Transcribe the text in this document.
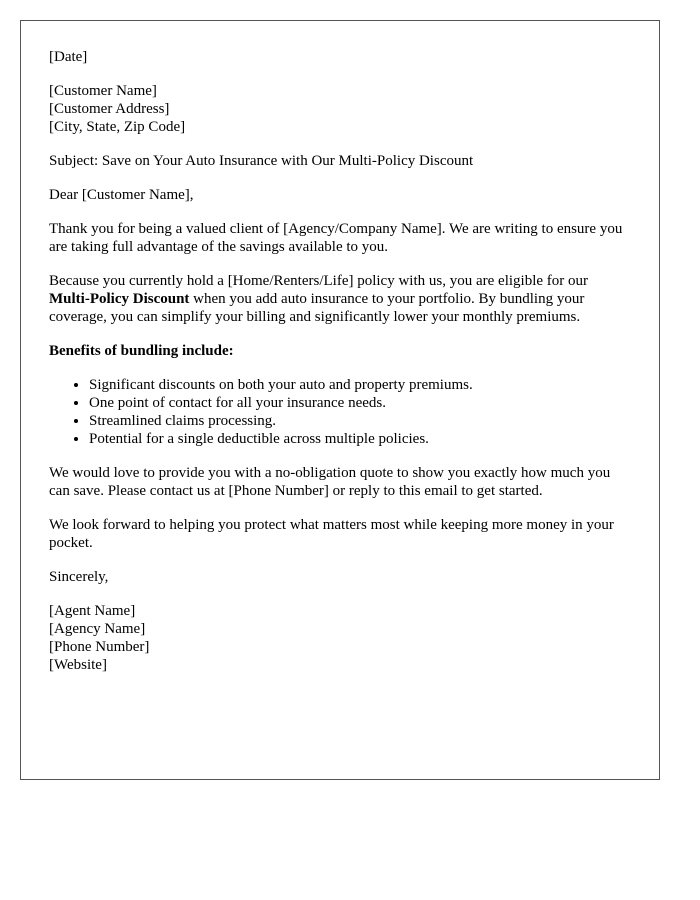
[Date]

[Customer Name]
[Customer Address]
[City, State, Zip Code]

Subject: Save on Your Auto Insurance with Our Multi-Policy Discount

Dear [Customer Name],

Thank you for being a valued client of [Agency/Company Name]. We are writing to ensure you are taking full advantage of the savings available to you.

Because you currently hold a [Home/Renters/Life] policy with us, you are eligible for our Multi-Policy Discount when you add auto insurance to your portfolio. By bundling your coverage, you can simplify your billing and significantly lower your monthly premiums.

Benefits of bundling include:

• Significant discounts on both your auto and property premiums.
• One point of contact for all your insurance needs.
• Streamlined claims processing.
• Potential for a single deductible across multiple policies.

We would love to provide you with a no-obligation quote to show you exactly how much you can save. Please contact us at [Phone Number] or reply to this email to get started.

We look forward to helping you protect what matters most while keeping more money in your pocket.

Sincerely,

[Agent Name]
[Agency Name]
[Phone Number]
[Website]
